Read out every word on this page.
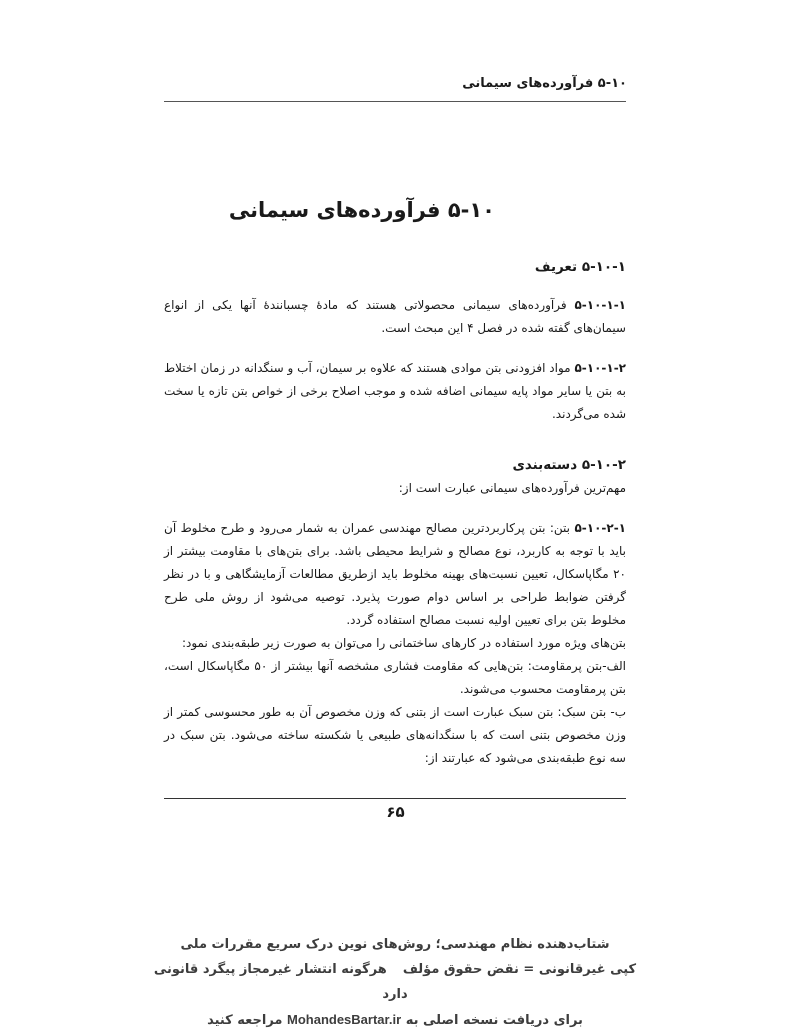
۵-۱۰ فرآورده‌های سیمانی
۵-۱۰ فرآورده‌های سیمانی
۵-۱۰-۱ تعریف

۵-۱۰-۱-۱ فرآورده‌های سیمانی محصولاتی هستند که مادۀ چسبانندۀ آنها یکی از انواع سیمان‌های گفته شده در فصل ۴ این مبحث است.

۵-۱۰-۱-۲ مواد افزودنی بتن موادی هستند که علاوه بر سیمان، آب و سنگدانه در زمان اختلاط به بتن یا سایر مواد پایه سیمانی اضافه شده و موجب اصلاح برخی از خواص بتن تازه یا سخت شده می‌گردند.

۵-۱۰-۲ دسته‌بندی

مهم‌ترین فرآورده‌های سیمانی عبارت است از:

۵-۱۰-۲-۱ بتن: بتن پرکاربردترین مصالح مهندسی عمران به شمار می‌رود و طرح مخلوط آن باید با توجه به کاربرد، نوع مصالح و شرایط محیطی باشد. برای بتن‌های با مقاومت بیشتر از ۲۰ مگاپاسکال، تعیین نسبت‌های بهینه مخلوط باید ازطریق مطالعات آزمایشگاهی و با در نظر گرفتن ضوابط طراحی بر اساس دوام صورت پذیرد. توصیه می‌شود از روش ملی طرح مخلوط بتن برای تعیین اولیه نسبت مصالح استفاده گردد.

بتن‌های ویژه مورد استفاده در کارهای ساختمانی را می‌توان به صورت زیر طبقه‌بندی نمود:

الف-بتن پرمقاومت: بتن‌هایی که مقاومت فشاری مشخصه آنها بیشتر از ۵۰ مگاپاسکال است، بتن پرمقاومت محسوب می‌شوند.

ب- بتن سبک: بتن سبک عبارت است از بتنی که وزن مخصوص آن به طور محسوسی کمتر از وزن مخصوص بتنی است که با سنگدانه‌های طبیعی یا شکسته ساخته می‌شود. بتن سبک در سه نوع طبقه‌بندی می‌شود که عبارتند از:

۶۵
شتاب‌دهنده نظام مهندسی؛ روش‌های نوین درک سریع مقررات ملی
کپی غیرقانونی = نقض حقوق مؤلفهرگونه انتشار غیرمجاز پیگرد قانونی دارد
برای دریافت نسخه اصلی به MohandesBartar.ir مراجعه کنید
